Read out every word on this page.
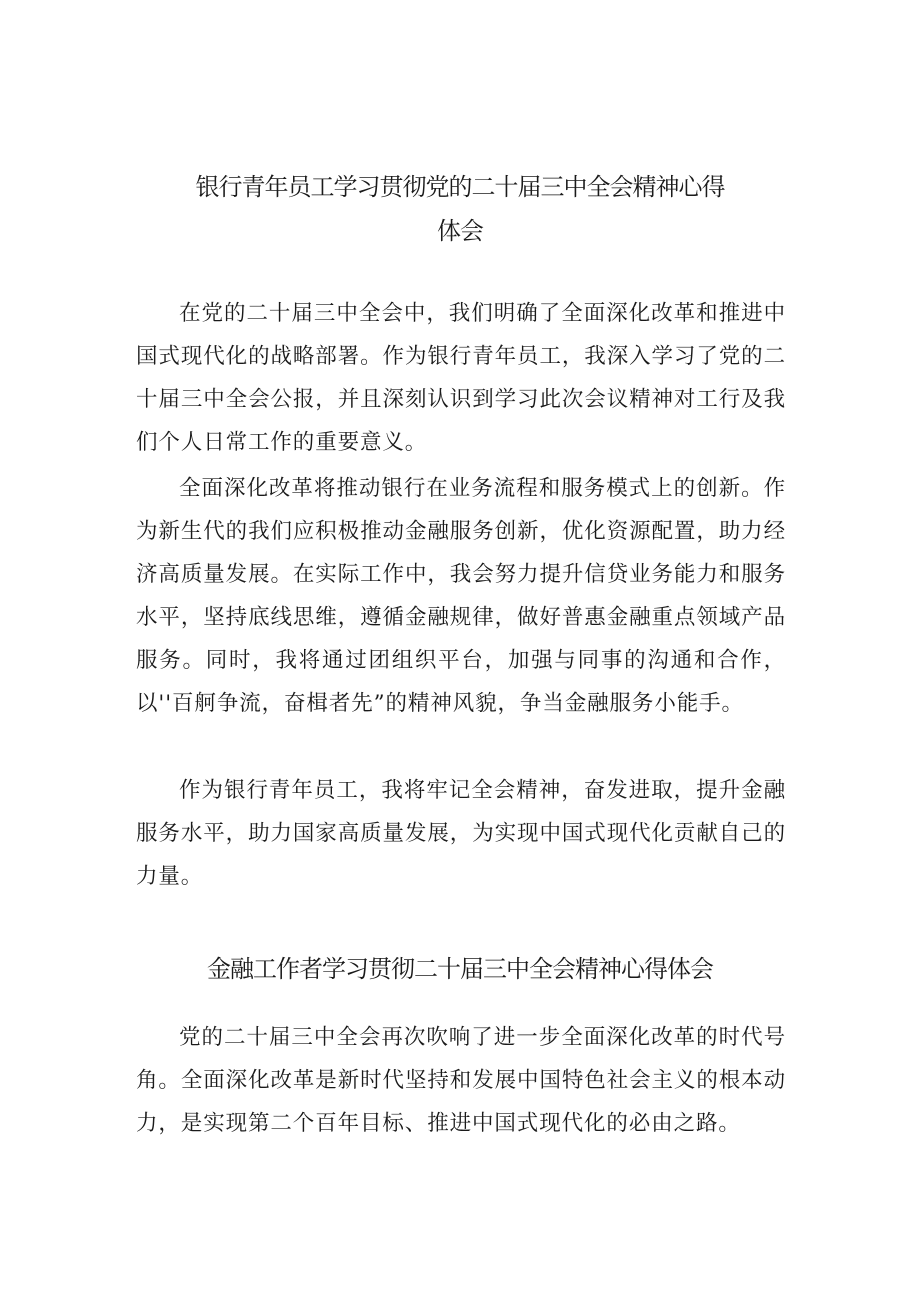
银行青年员工学习贯彻党的二十届三中全会精神心得
体会

在党的二十届三中全会中，我们明确了全面深化改革和推进中国式现代化的战略部署。作为银行青年员工，我深入学习了党的二十届三中全会公报，并且深刻认识到学习此次会议精神对工行及我们个人日常工作的重要意义。

全面深化改革将推动银行在业务流程和服务模式上的创新。作为新生代的我们应积极推动金融服务创新，优化资源配置，助力经济高质量发展。在实际工作中，我会努力提升信贷业务能力和服务水平，坚持底线思维，遵循金融规律，做好普惠金融重点领域产品服务。同时，我将通过团组织平台，加强与同事的沟通和合作，以''百舸争流，奋楫者先”的精神风貌，争当金融服务小能手。

作为银行青年员工，我将牢记全会精神，奋发进取，提升金融服务水平，助力国家高质量发展，为实现中国式现代化贡献自己的力量。

金融工作者学习贯彻二十届三中全会精神心得体会

党的二十届三中全会再次吹响了进一步全面深化改革的时代号角。全面深化改革是新时代坚持和发展中国特色社会主义的根本动力，是实现第二个百年目标、推进中国式现代化的必由之路。
